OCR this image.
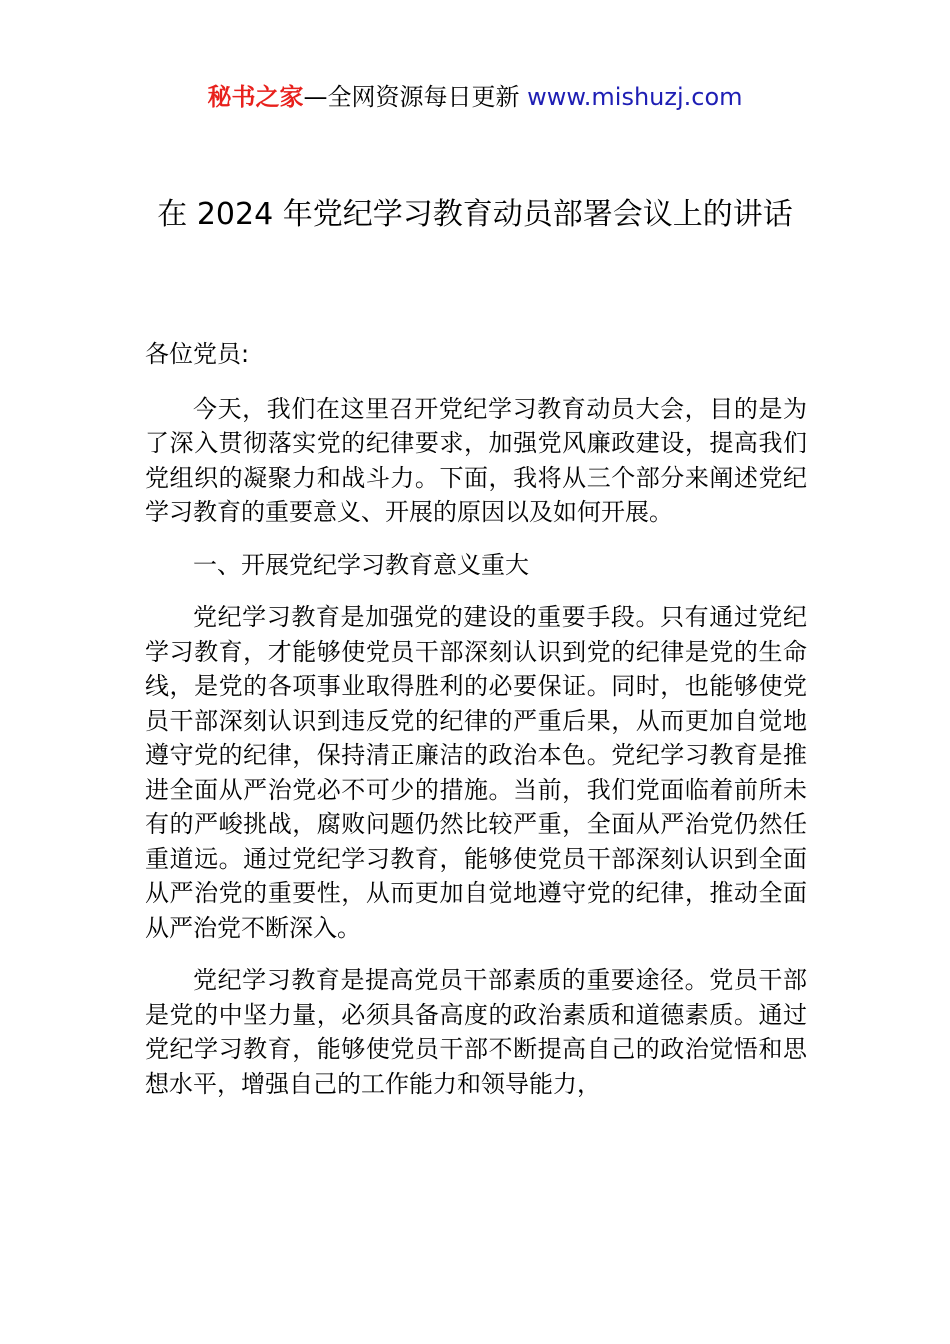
秘书之家—全网资源每日更新 www.mishuzj.com
在 2024 年党纪学习教育动员部署会议上的讲话

各位党员:

今天，我们在这里召开党纪学习教育动员大会，目的是为了深入贯彻落实党的纪律要求，加强党风廉政建设，提高我们党组织的凝聚力和战斗力。下面，我将从三个部分来阐述党纪学习教育的重要意义、开展的原因以及如何开展。

一、开展党纪学习教育意义重大

党纪学习教育是加强党的建设的重要手段。只有通过党纪学习教育，才能够使党员干部深刻认识到党的纪律是党的生命线，是党的各项事业取得胜利的必要保证。同时，也能够使党员干部深刻认识到违反党的纪律的严重后果，从而更加自觉地遵守党的纪律，保持清正廉洁的政治本色。党纪学习教育是推进全面从严治党必不可少的措施。当前，我们党面临着前所未有的严峻挑战，腐败问题仍然比较严重，全面从严治党仍然任重道远。通过党纪学习教育，能够使党员干部深刻认识到全面从严治党的重要性，从而更加自觉地遵守党的纪律，推动全面从严治党不断深入。

党纪学习教育是提高党员干部素质的重要途径。党员干部是党的中坚力量，必须具备高度的政治素质和道德素质。通过党纪学习教育，能够使党员干部不断提高自己的政治觉悟和思想水平，增强自己的工作能力和领导能力，
